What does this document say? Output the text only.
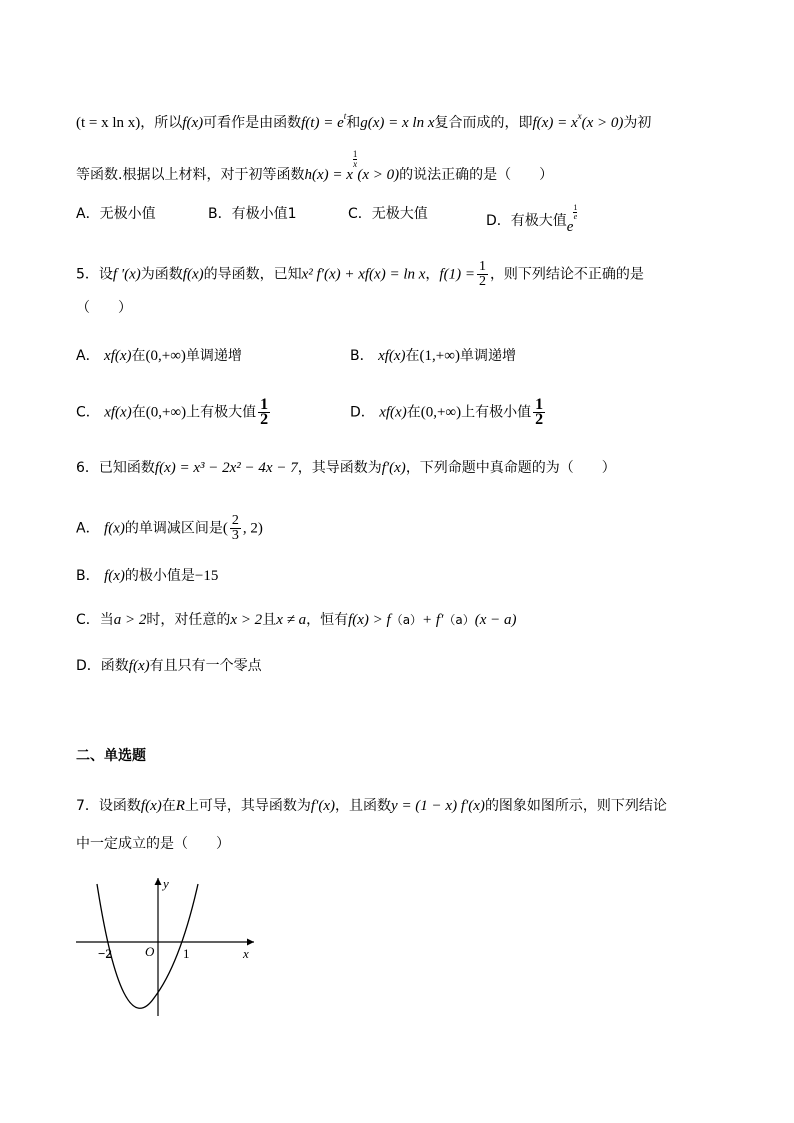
(t = x ln x)，所以f(x)可看作是由函数$f(t) = e^t$和g(x) = x ln x复合而成的，即$f(x) = x^x(x > 0)$为初
等函数.根据以上材料，对于初等函数h(x) = x
$\frac{1}{x}$
(x > 0)的说法正确的是（　　）
A．无极小值	B．有极小值1	C．无极大值	D．有极大值e
$\frac{1}{e}$
5．设f ′(x)为函数f(x)的导函数，已知x² f′(x) + xf(x) = ln x，$f(1) = \frac{1}{2}$ ，则下列结论不正确的是
（　　）
A． xf(x)在(0,+∞)单调递增	B． xf(x)在(1,+∞)单调递增
C． xf(x)在(0,+∞)上有极大值 $\frac{1}{2}$	D． xf(x)在(0,+∞)上有极小值 $\frac{1}{2}$
6．已知函数f(x) = x³ − 2x² − 4x − 7，其导函数为f′(x)，下列命题中真命题的为（　　）
A． f(x)的单调减区间是( $\frac{2}{3}$ , 2)
B． f(x)的极小值是−15
C．当a > 2时，对任意的x > 2且x ≠ a，恒有f(x) > f（a）+ f′（a）(x − a)
D．函数f(x)有且只有一个零点
二、单选题
7．设函数f(x)在R上可导，其导函数为f′(x)，且函数y = (1 − x) f′(x)的图象如图所示，则下列结论
中一定成立的是（　　）
y
x
O
−2	1
